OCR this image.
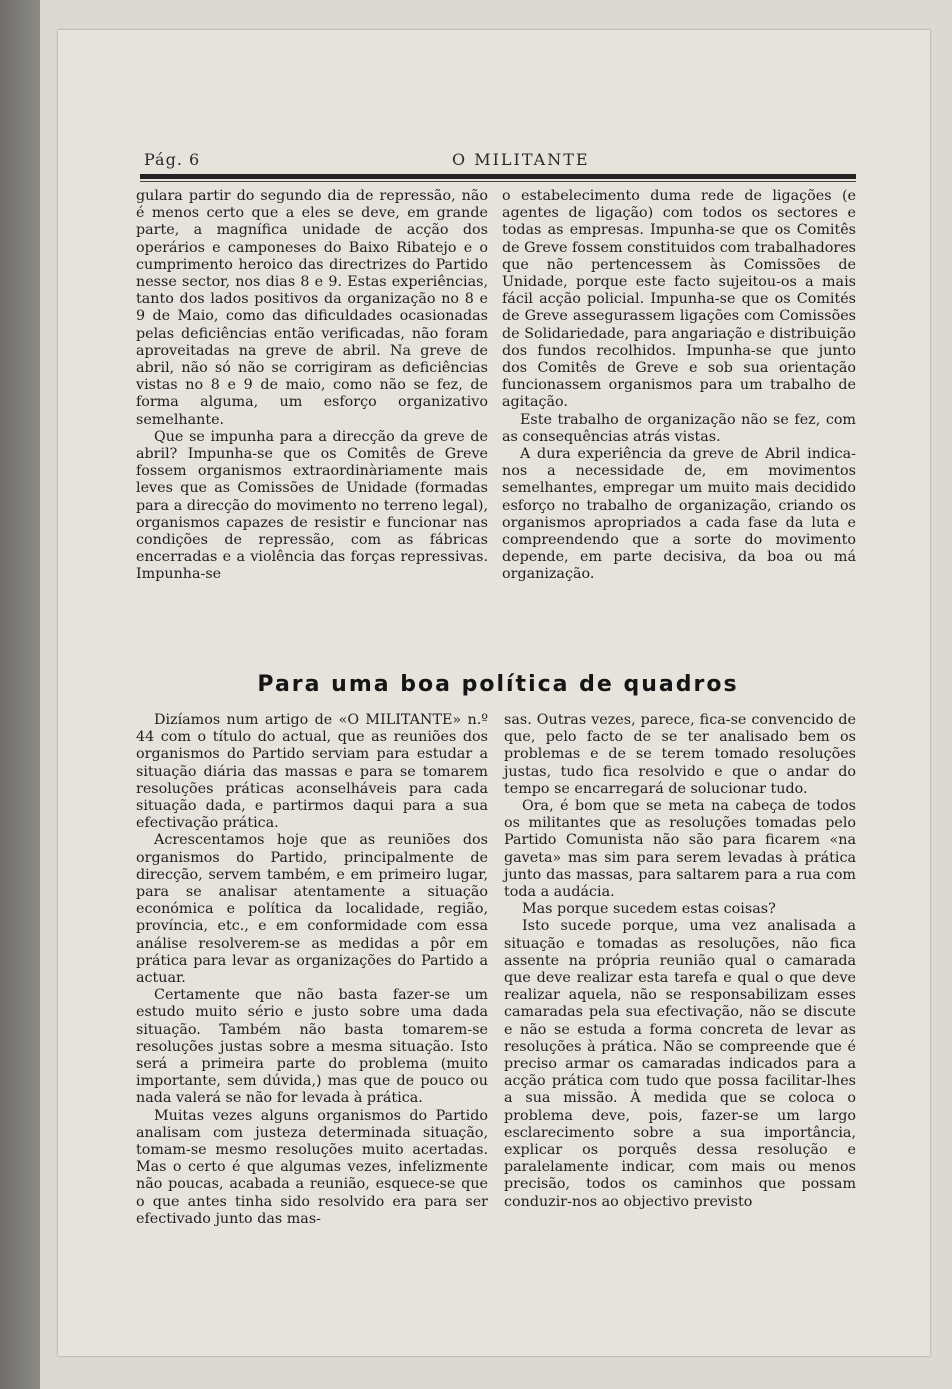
Pág. 6	O MILITANTE

gulara partir do segundo dia de repressão, não é menos certo que a eles se deve, em grande parte, a magnífica unidade de acção dos operários e camponeses do Baixo Ribatejo e o cumprimento heroico das directrizes do Partido nesse sector, nos dias 8 e 9. Estas experiências, tanto dos lados positivos da organização no 8 e 9 de Maio, como das dificuldades ocasionadas pelas deficiências então verificadas, não foram aproveitadas na greve de abril. Na greve de abril, não só não se corrigiram as deficiências vistas no 8 e 9 de maio, como não se fez, de forma alguma, um esforço organizativo semelhante.

Que se impunha para a direcção da greve de abril? Impunha-se que os Comitês de Greve fossem organismos extraordinàriamente mais leves que as Comissões de Unidade (formadas para a direcção do movimento no terreno legal), organismos capazes de resistir e funcionar nas condições de repressão, com as fábricas encerradas e a violência das forças repressivas. Impunha-se

o estabelecimento duma rede de ligações (e agentes de ligação) com todos os sectores e todas as empresas. Impunha-se que os Comitês de Greve fossem constituidos com trabalhadores que não pertencessem às Comissões de Unidade, porque este facto sujeitou-os a mais fácil acção policial. Impunha-se que os Comités de Greve assegurassem ligações com Comissões de Solidariedade, para angariação e distribuição dos fundos recolhidos. Impunha-se que junto dos Comitês de Greve e sob sua orientação funcionassem organismos para um trabalho de agitação.

Este trabalho de organização não se fez, com as consequências atrás vistas.

A dura experiência da greve de Abril indica-nos a necessidade de, em movimentos semelhantes, empregar um muito mais decidido esforço no trabalho de organização, criando os organismos apropriados a cada fase da luta e compreendendo que a sorte do movimento depende, em parte decisiva, da boa ou má organização.

Para uma boa política de quadros

Dizíamos num artigo de «O MILITANTE» n.º 44 com o título do actual, que as reuniões dos organismos do Partido serviam para estudar a situação diária das massas e para se tomarem resoluções práticas aconselháveis para cada situação dada, e partirmos daqui para a sua efectivação prática.

Acrescentamos hoje que as reuniões dos organismos do Partido, principalmente de direcção, servem também, e em primeiro lugar, para se analisar atentamente a situação económica e política da localidade, região, província, etc., e em conformidade com essa análise resolverem-se as medidas a pôr em prática para levar as organizações do Partido a actuar.

Certamente que não basta fazer-se um estudo muito sério e justo sobre uma dada situação. Também não basta tomarem-se resoluções justas sobre a mesma situação. Isto será a primeira parte do problema (muito importante, sem dúvida,) mas que de pouco ou nada valerá se não for levada à prática.

Muitas vezes alguns organismos do Partido analisam com justeza determinada situação, tomam-se mesmo resoluções muito acertadas. Mas o certo é que algumas vezes, infelizmente não poucas, acabada a reunião, esquece-se que o que antes tinha sido resolvido era para ser efectivado junto das mas-

sas. Outras vezes, parece, fica-se convencido de que, pelo facto de se ter analisado bem os problemas e de se terem tomado resoluções justas, tudo fica resolvido e que o andar do tempo se encarregará de solucionar tudo.

Ora, é bom que se meta na cabeça de todos os militantes que as resoluções tomadas pelo Partido Comunista não são para ficarem «na gaveta» mas sim para serem levadas à prática junto das massas, para saltarem para a rua com toda a audácia.

Mas porque sucedem estas coisas?

Isto sucede porque, uma vez analisada a situação e tomadas as resoluções, não fica assente na própria reunião qual o camarada que deve realizar esta tarefa e qual o que deve realizar aquela, não se responsabilizam esses camaradas pela sua efectivação, não se discute e não se estuda a forma concreta de levar as resoluções à prática. Não se compreende que é preciso armar os camaradas indicados para a acção prática com tudo que possa facilitar-lhes a sua missão. À medida que se coloca o problema deve, pois, fazer-se um largo esclarecimento sobre a sua importância, explicar os porquês dessa resolução e paralelamente indicar, com mais ou menos precisão, todos os caminhos que possam conduzir-nos ao objectivo previsto
